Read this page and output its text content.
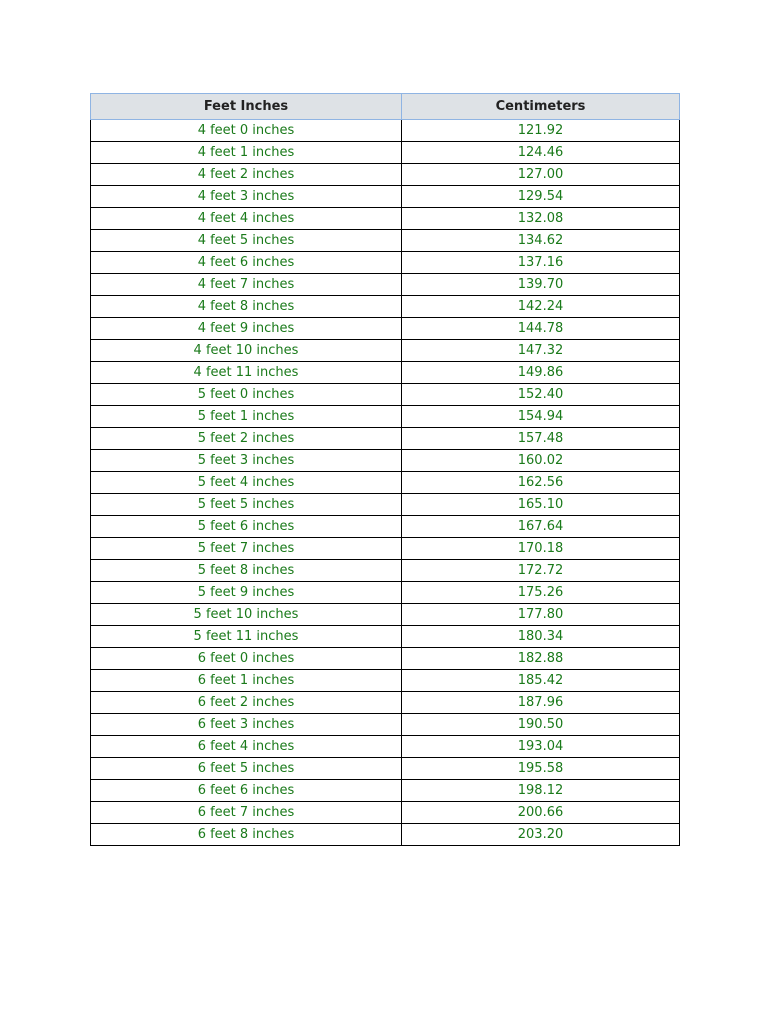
Feet Inches	Centimeters
4 feet 0 inches	121.92
4 feet 1 inches	124.46
4 feet 2 inches	127.00
4 feet 3 inches	129.54
4 feet 4 inches	132.08
4 feet 5 inches	134.62
4 feet 6 inches	137.16
4 feet 7 inches	139.70
4 feet 8 inches	142.24
4 feet 9 inches	144.78
4 feet 10 inches	147.32
4 feet 11 inches	149.86
5 feet 0 inches	152.40
5 feet 1 inches	154.94
5 feet 2 inches	157.48
5 feet 3 inches	160.02
5 feet 4 inches	162.56
5 feet 5 inches	165.10
5 feet 6 inches	167.64
5 feet 7 inches	170.18
5 feet 8 inches	172.72
5 feet 9 inches	175.26
5 feet 10 inches	177.80
5 feet 11 inches	180.34
6 feet 0 inches	182.88
6 feet 1 inches	185.42
6 feet 2 inches	187.96
6 feet 3 inches	190.50
6 feet 4 inches	193.04
6 feet 5 inches	195.58
6 feet 6 inches	198.12
6 feet 7 inches	200.66
6 feet 8 inches	203.20
